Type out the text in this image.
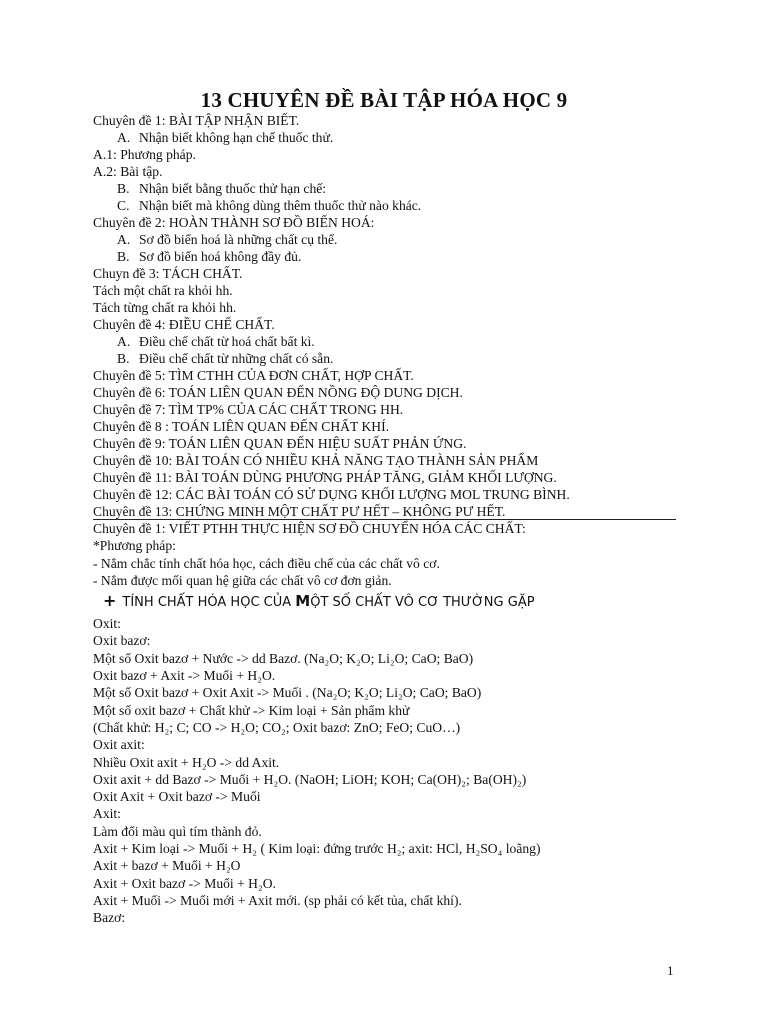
13 CHUYÊN ĐỀ BÀI TẬP HÓA HỌC 9
Chuyên đề 1: BÀI TẬP NHẬN BIẾT.
A. Nhận biết không hạn chế thuốc thử.
A.1: Phương pháp.
A.2: Bài tập.
B. Nhận biết bằng thuốc thử hạn chế:
C. Nhận biết mà không dùng thêm thuốc thử nào khác.
Chuyên đề 2: HOÀN THÀNH SƠ ĐỒ BIẾN HOÁ:
A. Sơ đồ biến hoá là những chất cụ thể.
B. Sơ đồ biến hoá không đầy đủ.
Chuyn đề 3: TÁCH CHẤT.
Tách một chất ra khỏi hh.
Tách từng chất ra khỏi hh.
Chuyên đề 4: ĐIỀU CHẾ CHẤT.
A. Điều chế chất từ hoá chất bất kì.
B. Điều chế chất từ những chất có sẵn.
Chuyên đề 5: TÌM CTHH CỦA ĐƠN CHẤT, HỢP CHẤT.
Chuyên đề 6: TOÁN LIÊN QUAN ĐẾN NỒNG ĐỘ DUNG DỊCH.
Chuyên đề 7: TÌM TP% CỦA CÁC CHẤT TRONG HH.
Chuyên đề 8 : TOÁN LIÊN QUAN ĐẾN CHẤT KHÍ.
Chuyên đề 9: TOÁN LIÊN QUAN ĐẾN HIỆU SUẤT PHẢN ỨNG.
Chuyên đề 10: BÀI TOÁN CÓ NHIỀU KHẢ NĂNG TẠO THÀNH SẢN PHẨM
Chuyên đề 11: BÀI TOÁN DÙNG PHƯƠNG PHÁP TĂNG, GIẢM KHỐI LƯỢNG.
Chuyên đề 12: CÁC BÀI TOÁN CÓ SỬ DỤNG KHỐI LƯỢNG MOL TRUNG BÌNH.
Chuyên đề 13: CHỨNG MINH MỘT CHẤT PƯ HẾT – KHÔNG PƯ HẾT.
Chuyên đề 1: VIẾT PTHH THỰC HIỆN SƠ ĐỒ CHUYỂN HÓA CÁC CHẤT:
*Phương pháp:
- Nắm chắc tính chất hóa học, cách điều chế của các chất vô cơ.
- Nắm được mối quan hệ giữa các chất vô cơ đơn giản.
+ TÍNH CHẤT HÓA HỌC CỦA MỘT SỐ CHẤT VÔ CƠ THƯỜNG GẶP
Oxit:
Oxit bazơ:
Một số Oxit bazơ + Nước -> dd Bazơ. (Na₂O; K₂O; Li₂O; CaO; BaO)
Oxit bazơ + Axit -> Muối + H₂O.
Một số Oxit bazơ + Oxit Axit -> Muối . (Na₂O; K₂O; Li₂O; CaO; BaO)
Một số oxit bazơ + Chất khử -> Kim loại + Sản phẩm khử
(Chất khử: H₂; C; CO -> H₂O; CO₂; Oxit bazơ: ZnO; FeO; CuO…)
Oxit axit:
Nhiều Oxit axit + H₂O -> dd Axit.
Oxit axit + dd Bazơ -> Muối + H₂O. (NaOH; LiOH; KOH; Ca(OH)₂; Ba(OH)₂)
Oxit Axit + Oxit bazơ -> Muối
Axit:
Làm đổi màu quì tím thành đỏ.
Axit + Kim loại -> Muối + H₂ ( Kim loại: đứng trước H₂; axit: HCl, H₂SO₄ loãng)
Axit + bazơ + Muối + H₂O
Axit + Oxit bazơ -> Muối + H₂O.
Axit + Muối -> Muối mới + Axit mới. (sp phải có kết tủa, chất khí).
Bazơ:
1
